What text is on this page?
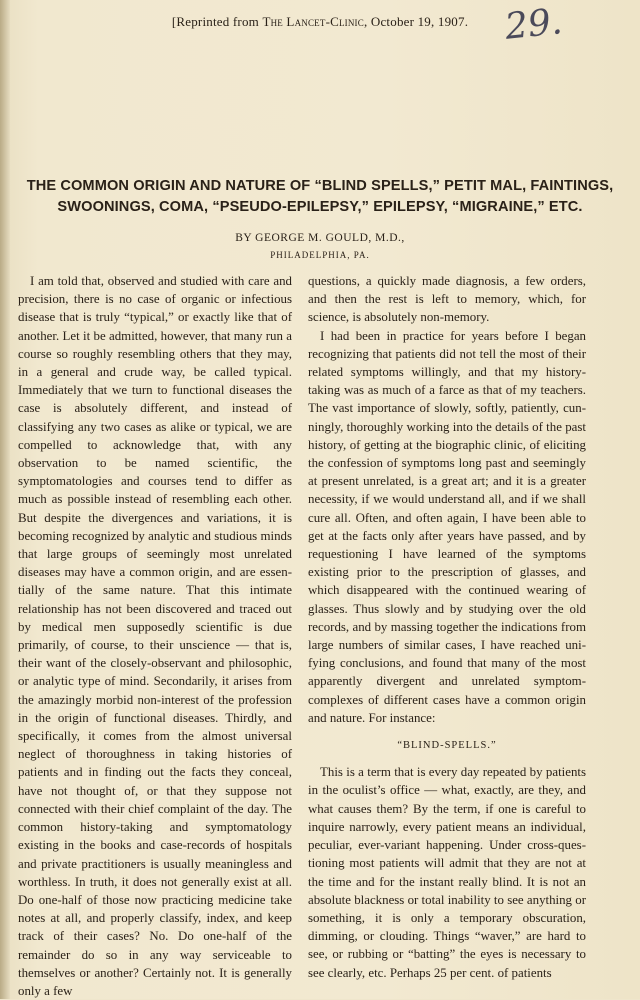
[Reprinted from The Lancet-Clinic, October 19, 1907. 29.
THE COMMON ORIGIN AND NATURE OF “BLIND SPELLS,” PETIT MAL, FAINTINGS,
SWOONINGS, COMA, “PSEUDO-EPILEPSY,” EPILEPSY, “MIGRAINE,” ETC.
BY GEORGE M. GOULD, M.D.,
PHILADELPHIA, PA.

I am told that, observed and studied with care and precision, there is no case of organic or infectious disease that is truly “typical,” or exactly like that of another. Let it be admitted, however, that many run a course so roughly resembling others that they may, in a general and crude way, be called typical. Immediately that we turn to functional diseases the case is absolutely different, and instead of classifying any two cases as alike or typical, we are compelled to acknowledge that, with any observation to be named scientific, the symptomatologies and courses tend to differ as much as possible instead of resembling each other. But despite the divergences and variations, it is becoming recognized by analytic and studious minds that large groups of seemingly most unrelated diseases may have a common origin, and are essentially of the same nature. That this intimate relationship has not been discovered and traced out by medical men supposedly scientific is due primarily, of course, to their unscience — that is, their want of the closely-observant and philosophic, or analytic type of mind. Secondarily, it arises from the amazingly morbid non-interest of the profession in the origin of functional diseases. Thirdly, and specifically, it comes from the almost universal neglect of thoroughness in taking histories of patients and in finding out the facts they conceal, have not thought of, or that they suppose not connected with their chief complaint of the day. The common history-taking and symptomatology existing in the books and case-records of hospitals and private practitioners is usually meaningless and worthless. In truth, it does not generally exist at all. Do one-half of those now practicing medicine take notes at all, and properly classify, index, and keep track of their cases? No. Do one-half of the remainder do so in any way serviceable to themselves or another? Certainly not. It is generally only a few

questions, a quickly made diagnosis, a few orders, and then the rest is left to memory, which, for science, is absolutely non-memory.

I had been in practice for years before I began recognizing that patients did not tell the most of their related symptoms willingly, and that my history-taking was as much of a farce as that of my teachers. The vast importance of slowly, softly, patiently, cunningly, thoroughly working into the details of the past history, of getting at the biographic clinic, of eliciting the confession of symptoms long past and seemingly at present unrelated, is a great art; and it is a greater necessity, if we would understand all, and if we shall cure all. Often, and often again, I have been able to get at the facts only after years have passed, and by requestioning I have learned of the symptoms existing prior to the prescription of glasses, and which disappeared with the continued wearing of glasses. Thus slowly and by studying over the old records, and by massing together the indications from large numbers of similar cases, I have reached unifying conclusions, and found that many of the most apparently divergent and unrelated symptom-complexes of different cases have a common origin and nature. For instance:

“BLIND-SPELLS.”

This is a term that is every day repeated by patients in the oculist’s office — what, exactly, are they, and what causes them? By the term, if one is careful to inquire narrowly, every patient means an individual, peculiar, ever-variant happening. Under cross-questioning most patients will admit that they are not at the time and for the instant really blind. It is not an absolute blackness or total inability to see anything or something, it is only a temporary obscuration, dimming, or clouding. Things “waver,” are hard to see, or rubbing or “batting” the eyes is necessary to see clearly, etc. Perhaps 25 per cent. of patients
